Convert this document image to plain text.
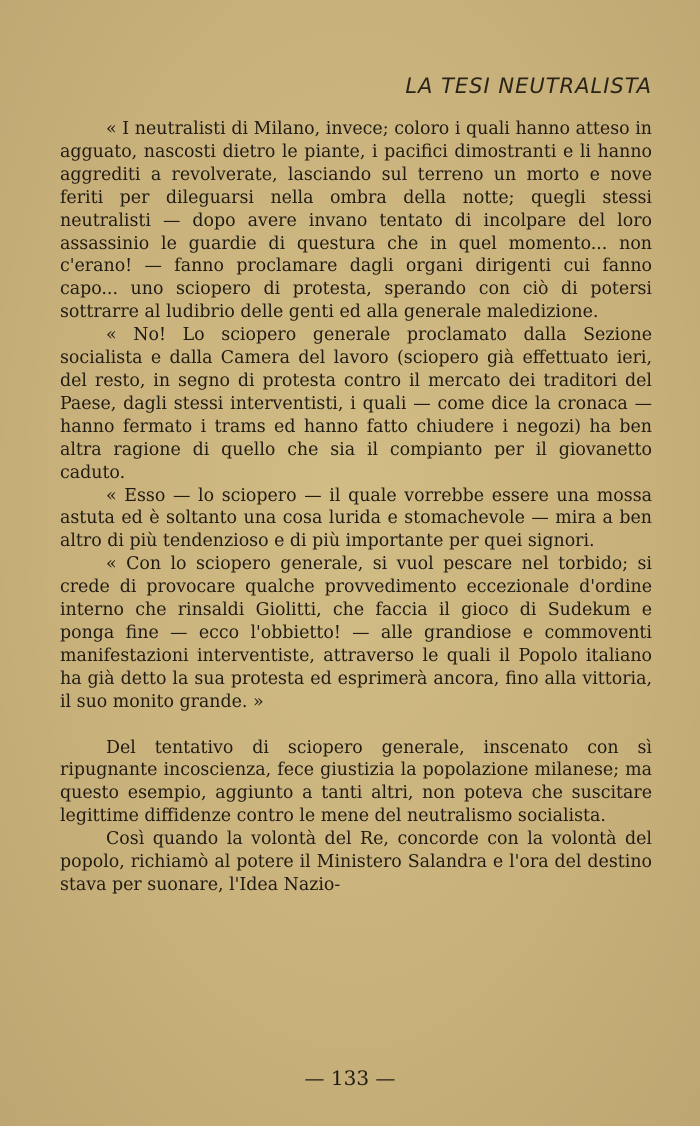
LA TESI NEUTRALISTA

« I neutralisti di Milano, invece; coloro i quali hanno atteso in agguato, nascosti dietro le piante, i pacifici dimostranti e li hanno aggrediti a revolverate, lasciando sul terreno un morto e nove feriti per dileguarsi nella ombra della notte; quegli stessi neutralisti — dopo avere invano tentato di incolpare del loro assassinio le guardie di questura che in quel momento... non c'erano! — fanno proclamare dagli organi dirigenti cui fanno capo... uno sciopero di protesta, sperando con ciò di potersi sottrarre al ludibrio delle genti ed alla generale maledizione.

« No! Lo sciopero generale proclamato dalla Sezione socialista e dalla Camera del lavoro (sciopero già effettuato ieri, del resto, in segno di protesta contro il mercato dei traditori del Paese, dagli stessi interventisti, i quali — come dice la cronaca — hanno fermato i trams ed hanno fatto chiudere i negozi) ha ben altra ragione di quello che sia il compianto per il giovanetto caduto.

« Esso — lo sciopero — il quale vorrebbe essere una mossa astuta ed è soltanto una cosa lurida e stomachevole — mira a ben altro di più tendenzioso e di più importante per quei signori.

« Con lo sciopero generale, si vuol pescare nel torbido; si crede di provocare qualche provvedimento eccezionale d'ordine interno che rinsaldi Giolitti, che faccia il gioco di Sudekum e ponga fine — ecco l'obbietto! — alle grandiose e commoventi manifestazioni interventiste, attraverso le quali il Popolo italiano ha già detto la sua protesta ed esprimerà ancora, fino alla vittoria, il suo monito grande. »

Del tentativo di sciopero generale, inscenato con sì ripugnante incoscienza, fece giustizia la popolazione milanese; ma questo esempio, aggiunto a tanti altri, non poteva che suscitare legittime diffidenze contro le mene del neutralismo socialista.

Così quando la volontà del Re, concorde con la volontà del popolo, richiamò al potere il Ministero Salandra e l'ora del destino stava per suonare, l'Idea Nazio-

— 133 —
